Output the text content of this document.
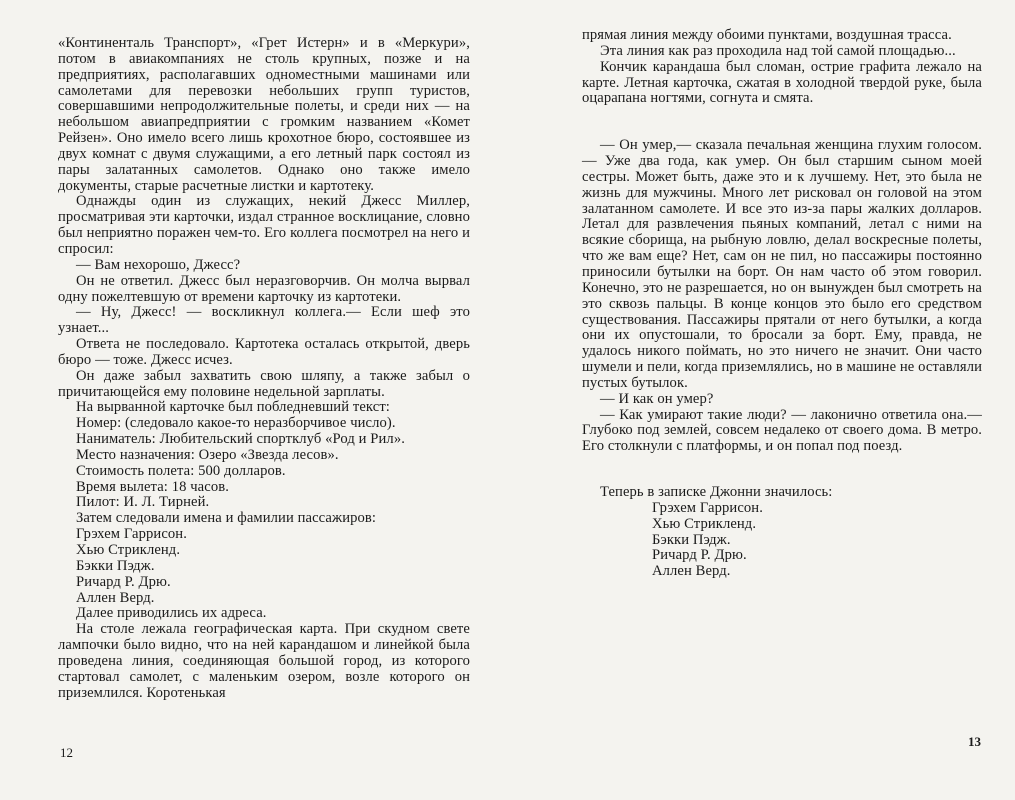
«Континенталь Транспорт», «Грет Истерн» и в «Меркури», потом в авиакомпаниях не столь крупных, позже и на предприятиях, располагавших одноместными машинами или самолетами для перевозки небольших групп туристов, совершавшими непродолжительные полеты, и среди них — на небольшом авиапредприятии с громким названием «Комет Рейзен». Оно имело всего лишь крохотное бюро, состоявшее из двух комнат с двумя служащими, а его летный парк состоял из пары залатанных самолетов. Однако оно также имело документы, старые расчетные листки и картотеку.

Однажды один из служащих, некий Джесс Миллер, просматривая эти карточки, издал странное восклицание, словно был неприятно поражен чем-то. Его коллега посмотрел на него и спросил:

— Вам нехорошо, Джесс?

Он не ответил. Джесс был неразговорчив. Он молча вырвал одну пожелтевшую от времени карточку из картотеки.

— Ну, Джесс! — воскликнул коллега.— Если шеф это узнает...

Ответа не последовало. Картотека осталась открытой, дверь бюро — тоже. Джесс исчез.

Он даже забыл захватить свою шляпу, а также забыл о причитающейся ему половине недельной зарплаты.

На вырванной карточке был побледневший текст:

Номер: (следовало какое-то неразборчивое число).

Наниматель: Любительский спортклуб «Род и Рил».

Место назначения: Озеро «Звезда лесов».

Стоимость полета: 500 долларов.

Время вылета: 18 часов.

Пилот: И. Л. Тирней.

Затем следовали имена и фамилии пассажиров:

Грэхем Гаррисон.

Хью Стрикленд.

Бэкки Пэдж.

Ричард Р. Дрю.

Аллен Верд.

Далее приводились их адреса.

На столе лежала географическая карта. При скудном свете лампочки было видно, что на ней карандашом и линейкой была проведена линия, соединяющая большой город, из которого стартовал самолет, с маленьким озером, возле которого он приземлился. Коротенькая

прямая линия между обоими пунктами, воздушная трасса.

Эта линия как раз проходила над той самой площадью...

Кончик карандаша был сломан, острие графита лежало на карте. Летная карточка, сжатая в холодной твердой руке, была оцарапана ногтями, согнута и смята.

— Он умер,— сказала печальная женщина глухим голосом.— Уже два года, как умер. Он был старшим сыном моей сестры. Может быть, даже это и к лучшему. Нет, это была не жизнь для мужчины. Много лет рисковал он головой на этом залатанном самолете. И все это из-за пары жалких долларов. Летал для развлечения пьяных компаний, летал с ними на всякие сборища, на рыбную ловлю, делал воскресные полеты, что же вам еще? Нет, сам он не пил, но пассажиры постоянно приносили бутылки на борт. Он нам часто об этом говорил. Конечно, это не разрешается, но он вынужден был смотреть на это сквозь пальцы. В конце концов это было его средством существования. Пассажиры прятали от него бутылки, а когда они их опустошали, то бросали за борт. Ему, правда, не удалось никого поймать, но это ничего не значит. Они часто шумели и пели, когда приземлялись, но в машине не оставляли пустых бутылок.

— И как он умер?

— Как умирают такие люди? — лаконично ответила она.— Глубоко под землей, совсем недалеко от своего дома. В метро. Его столкнули с платформы, и он попал под поезд.

Теперь в записке Джонни значилось:

Грэхем Гаррисон.

Хью Стрикленд.

Бэкки Пэдж.

Ричард Р. Дрю.

Аллен Верд.

12
13
